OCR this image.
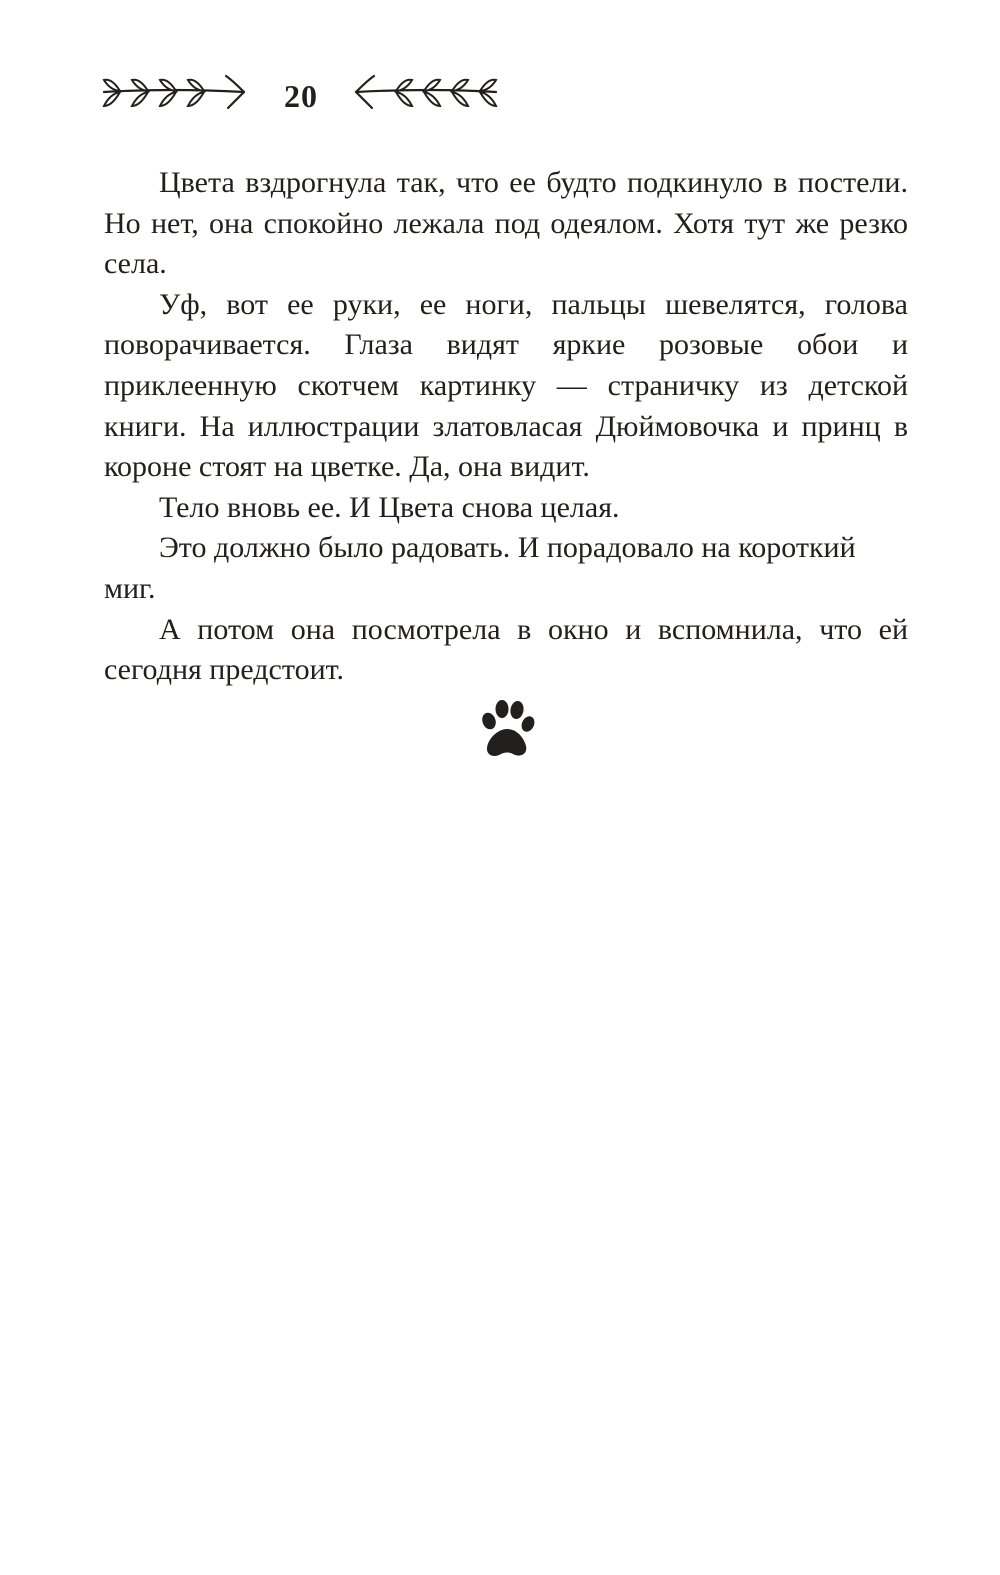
20

Цвета вздрогнула так, что ее будто подкинуло в постели. Но нет, она спокойно лежала под одеялом. Хотя тут же резко села.

Уф, вот ее руки, ее ноги, пальцы шевелятся, голова поворачивается. Глаза видят яркие розовые обои и приклеенную скотчем картинку — страничку из детской книги. На иллюстрации златовласая Дюймовочка и принц в короне стоят на цветке. Да, она видит.

Тело вновь ее. И Цвета снова целая.

Это должно было радовать. И порадовало на короткий миг.

А потом она посмотрела в окно и вспомнила, что ей сегодня предстоит.
